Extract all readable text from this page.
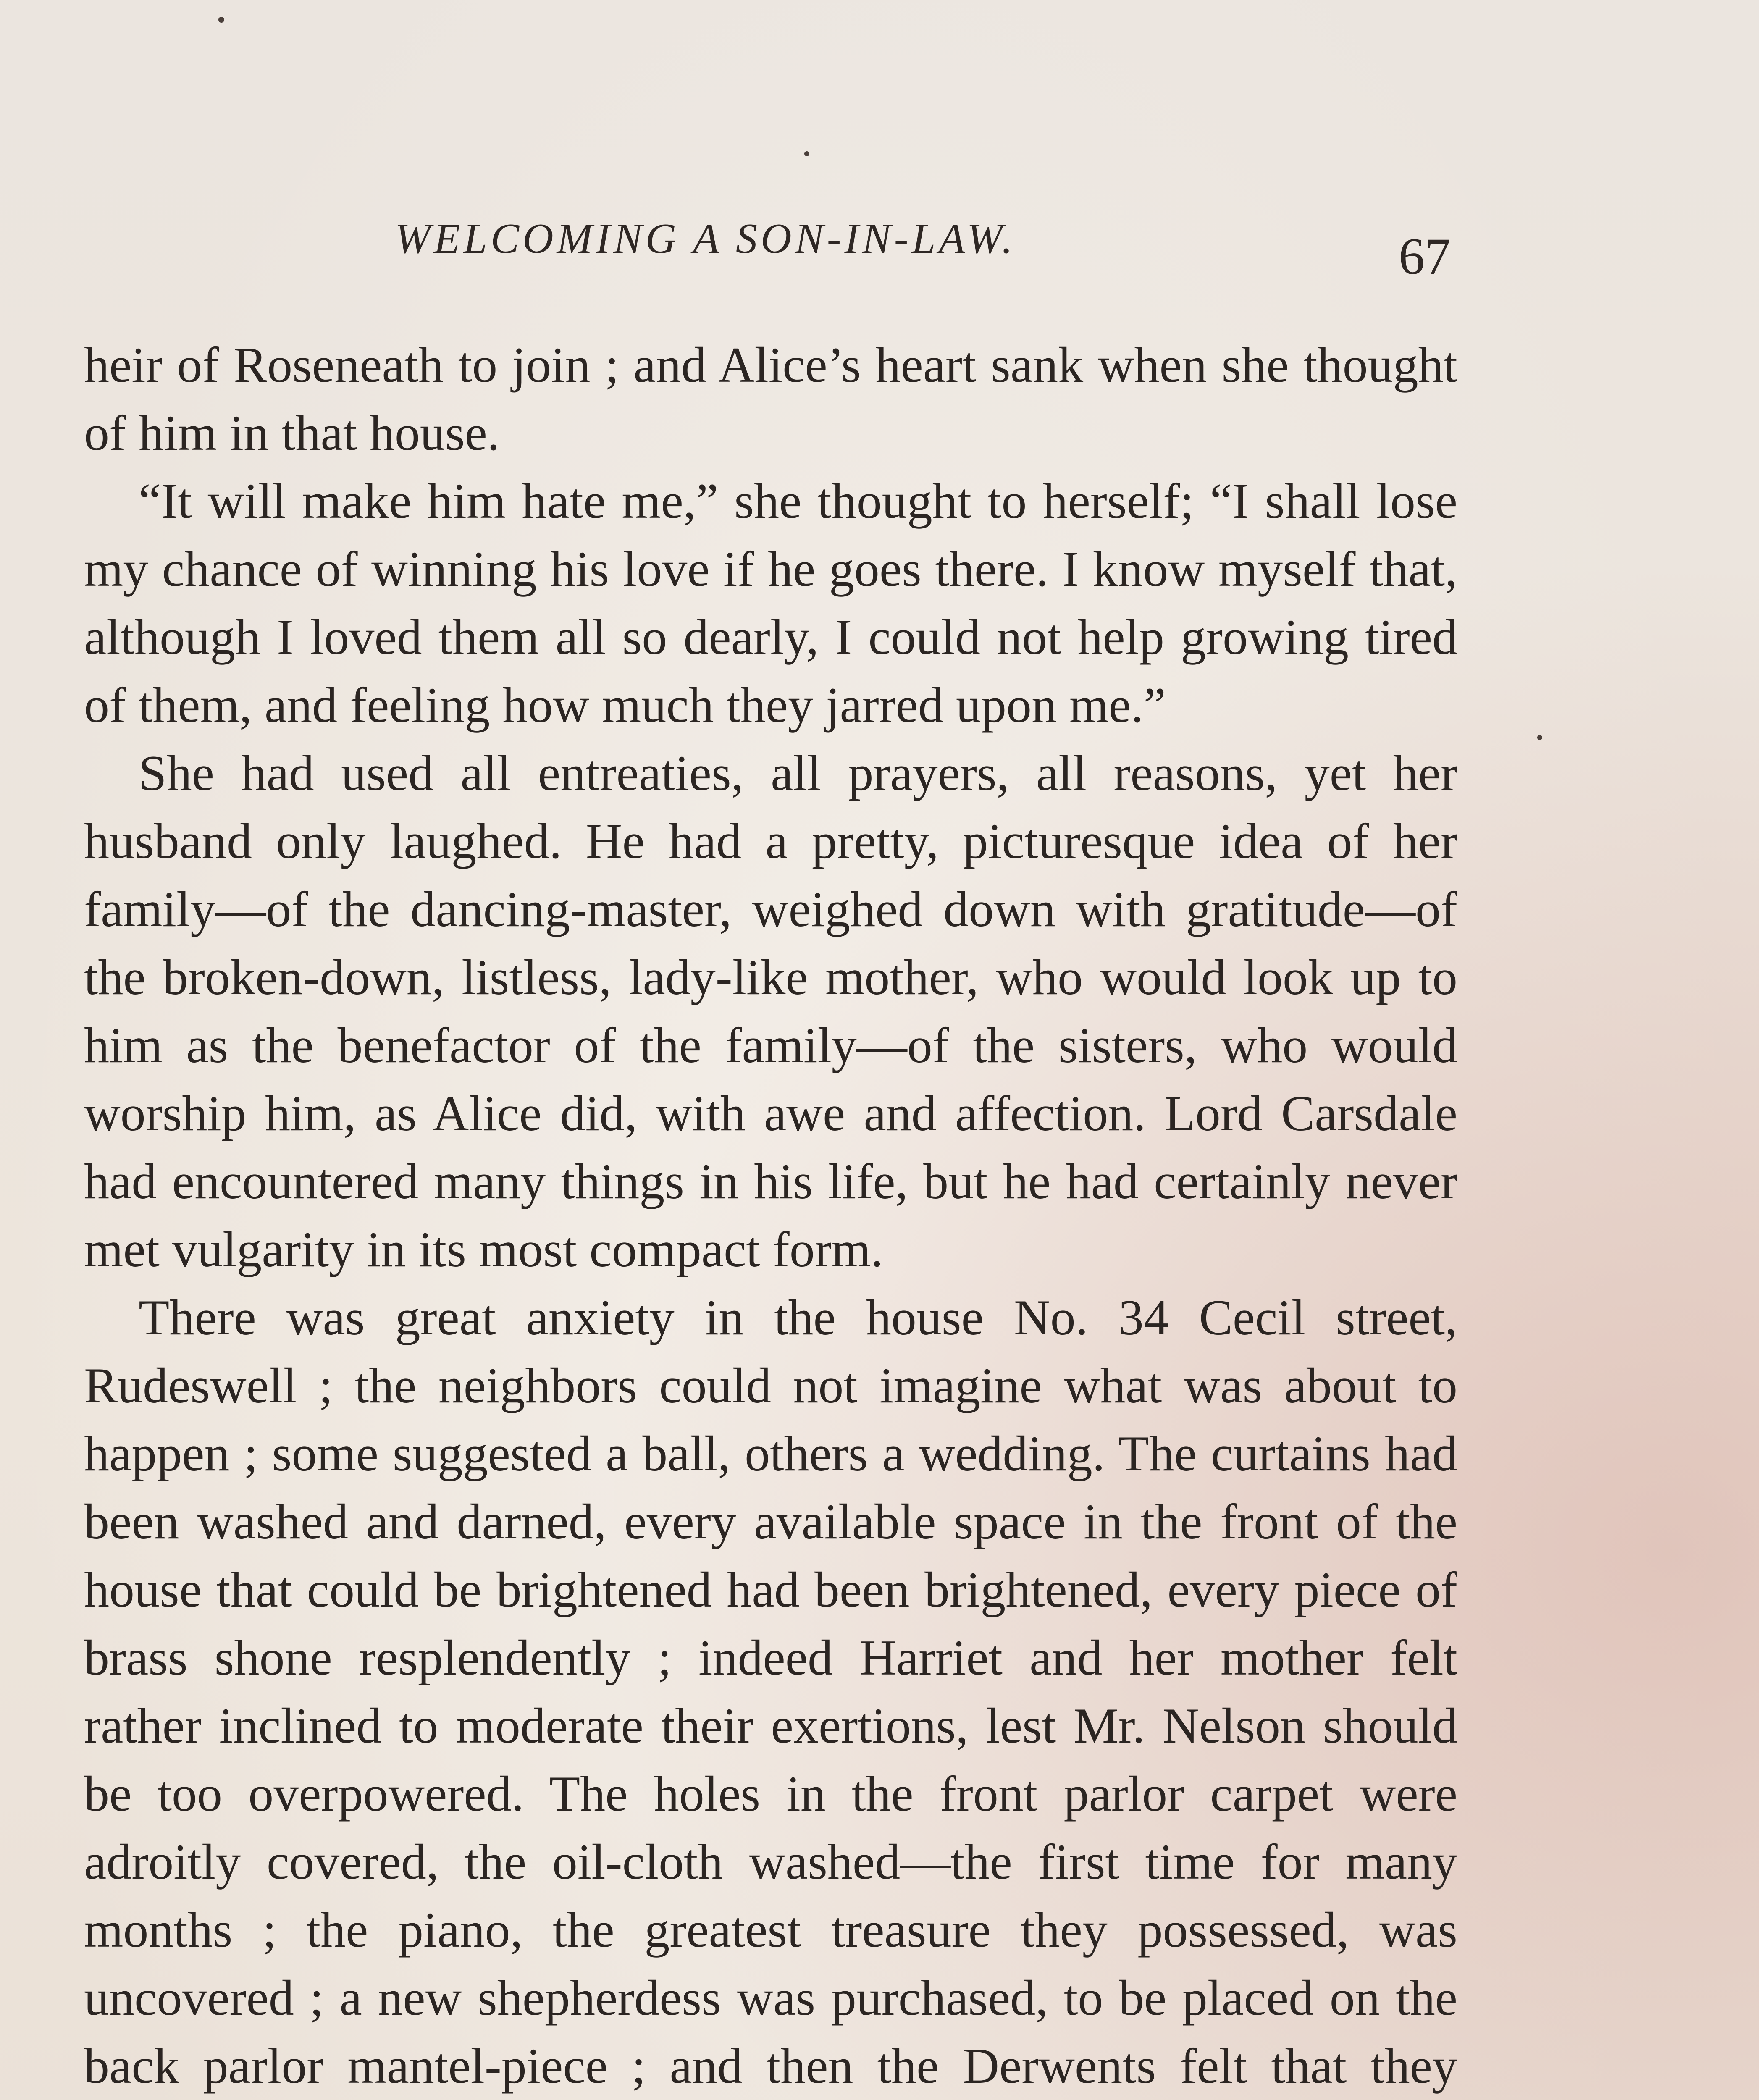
WELCOMING A SON-IN-LAW.	67

heir of Roseneath to join ; and Alice’s heart sank when she thought of him in that house.

“It will make him hate me,” she thought to herself; “I shall lose my chance of winning his love if he goes there. I know myself that, although I loved them all so dearly, I could not help growing tired of them, and feeling how much they jarred upon me.”

She had used all entreaties, all prayers, all reasons, yet her husband only laughed. He had a pretty, picturesque idea of her family—of the dancing-master, weighed down with gratitude—of the broken-down, listless, lady-like mother, who would look up to him as the benefactor of the family—of the sisters, who would worship him, as Alice did, with awe and affection. Lord Carsdale had encountered many things in his life, but he had certainly never met vulgarity in its most compact form.

There was great anxiety in the house No. 34 Cecil street, Rudeswell ; the neighbors could not imagine what was about to happen ; some suggested a ball, others a wedding. The curtains had been washed and darned, every available space in the front of the house that could be brightened had been brightened, every piece of brass shone resplendently ; indeed Harriet and her mother felt rather inclined to moderate their exertions, lest Mr. Nelson should be too overpowered. The holes in the front parlor carpet were adroitly covered, the oil-cloth washed—the first time for many months ; the piano, the greatest treasure they possessed, was uncovered ; a new shepherdess was purchased, to be placed on the back parlor mantel-piece ; and then the Derwents felt that they
